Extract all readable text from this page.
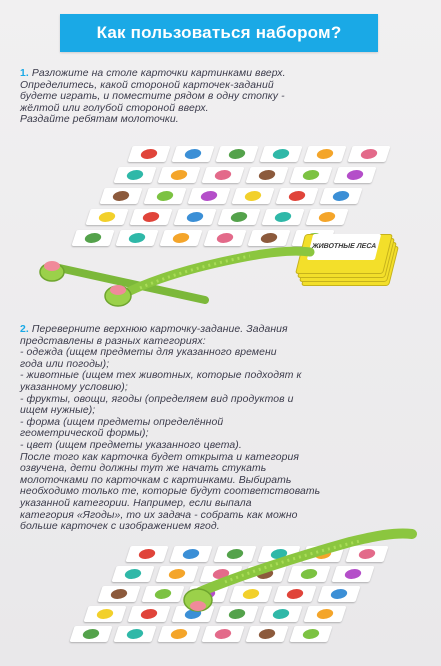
Как пользоваться набором?

1. Разложите на столе карточки картинками вверх.

Определитесь, какой стороной карточек-заданий

будете играть, и поместите рядом в одну стопку -

жёлтой или голубой стороной вверх.

Раздайте ребятам молоточки.

ЖИВОТНЫЕ ЛЕСА

2. Переверните верхнюю карточку-задание. Задания

представлены в разных категориях:

- одежда (ищем предметы для указанного времени

года или погоды);

- животные (ищем тех животных, которые подходят к

указанному условию);

- фрукты, овощи, ягоды (определяем вид продуктов и

ищем нужные);

- форма (ищем предметы определённой

геометрической формы);

- цвет (ищем предметы указанного цвета).

После того как карточка будет открыта и категория

озвучена, дети должны тут же начать стукать

молоточками по карточкам с картинками. Выбирать

необходимо только те, которые будут соответствовать

указанной категории. Например, если выпала

категория «Ягоды», то их задача - собрать как можно

больше карточек с изображением ягод.
